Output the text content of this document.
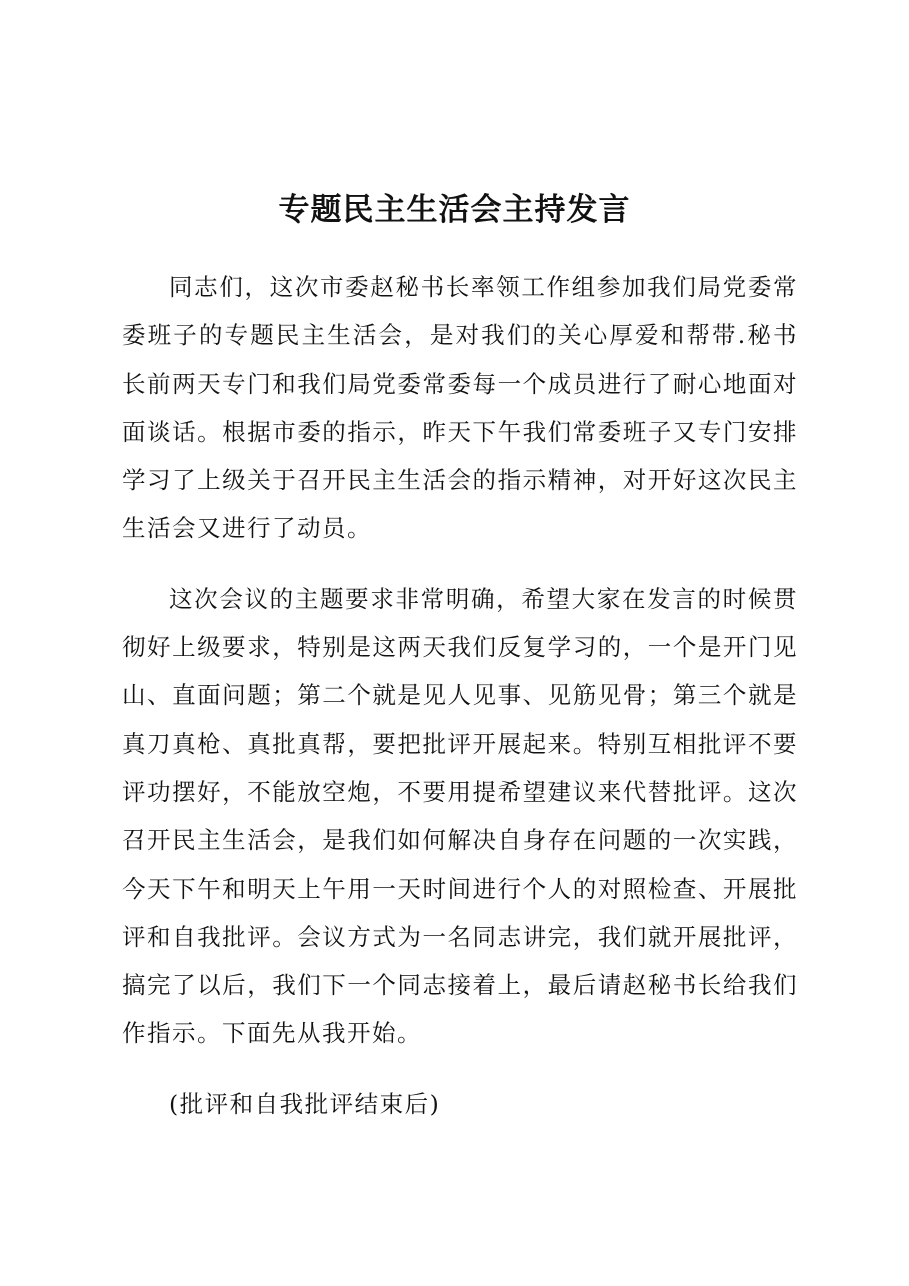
专题民主生活会主持发言

同志们，这次市委赵秘书长率领工作组参加我们局党委常委班子的专题民主生活会，是对我们的关心厚爱和帮带.秘书长前两天专门和我们局党委常委每一个成员进行了耐心地面对面谈话。根据市委的指示，昨天下午我们常委班子又专门安排学习了上级关于召开民主生活会的指示精神，对开好这次民主生活会又进行了动员。

这次会议的主题要求非常明确，希望大家在发言的时候贯彻好上级要求，特别是这两天我们反复学习的，一个是开门见山、直面问题；第二个就是见人见事、见筋见骨；第三个就是真刀真枪、真批真帮，要把批评开展起来。特别互相批评不要评功摆好，不能放空炮，不要用提希望建议来代替批评。这次召开民主生活会，是我们如何解决自身存在问题的一次实践，今天下午和明天上午用一天时间进行个人的对照检查、开展批评和自我批评。会议方式为一名同志讲完，我们就开展批评，搞完了以后，我们下一个同志接着上，最后请赵秘书长给我们作指示。下面先从我开始。

(批评和自我批评结束后)
